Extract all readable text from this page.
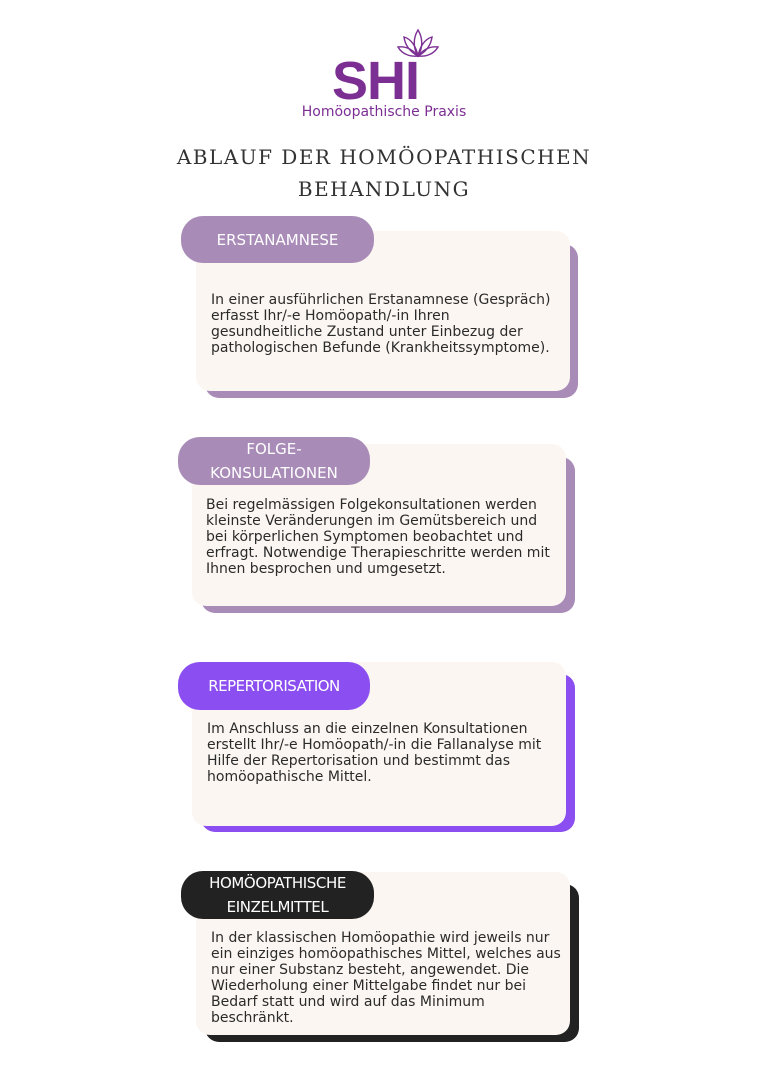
SHI
Homöopathische Praxis
ABLAUF DER HOMÖOPATHISCHEN BEHANDLUNG
ERSTANAMNESE
In einer ausführlichen Erstanamnese (Gespräch) erfasst Ihr/-e Homöopath/-in Ihren gesundheitliche Zustand unter Einbezug der pathologischen Befunde (Krankheitssymptome).
FOLGE-KONSULATIONEN
Bei regelmässigen Folgekonsultationen werden kleinste Veränderungen im Gemütsbereich und bei körperlichen Symptomen beobachtet und erfragt. Notwendige Therapieschritte werden mit Ihnen besprochen und umgesetzt.
REPERTORISATION
Im Anschluss an die einzelnen Konsultationen erstellt Ihr/-e Homöopath/-in die Fallanalyse mit Hilfe der Repertorisation und bestimmt das homöopathische Mittel.
HOMÖOPATHISCHE EINZELMITTEL
In der klassischen Homöopathie wird jeweils nur ein einziges homöopathisches Mittel, welches aus nur einer Substanz besteht, angewendet. Die Wiederholung einer Mittelgabe findet nur bei Bedarf statt und wird auf das Minimum beschränkt.
